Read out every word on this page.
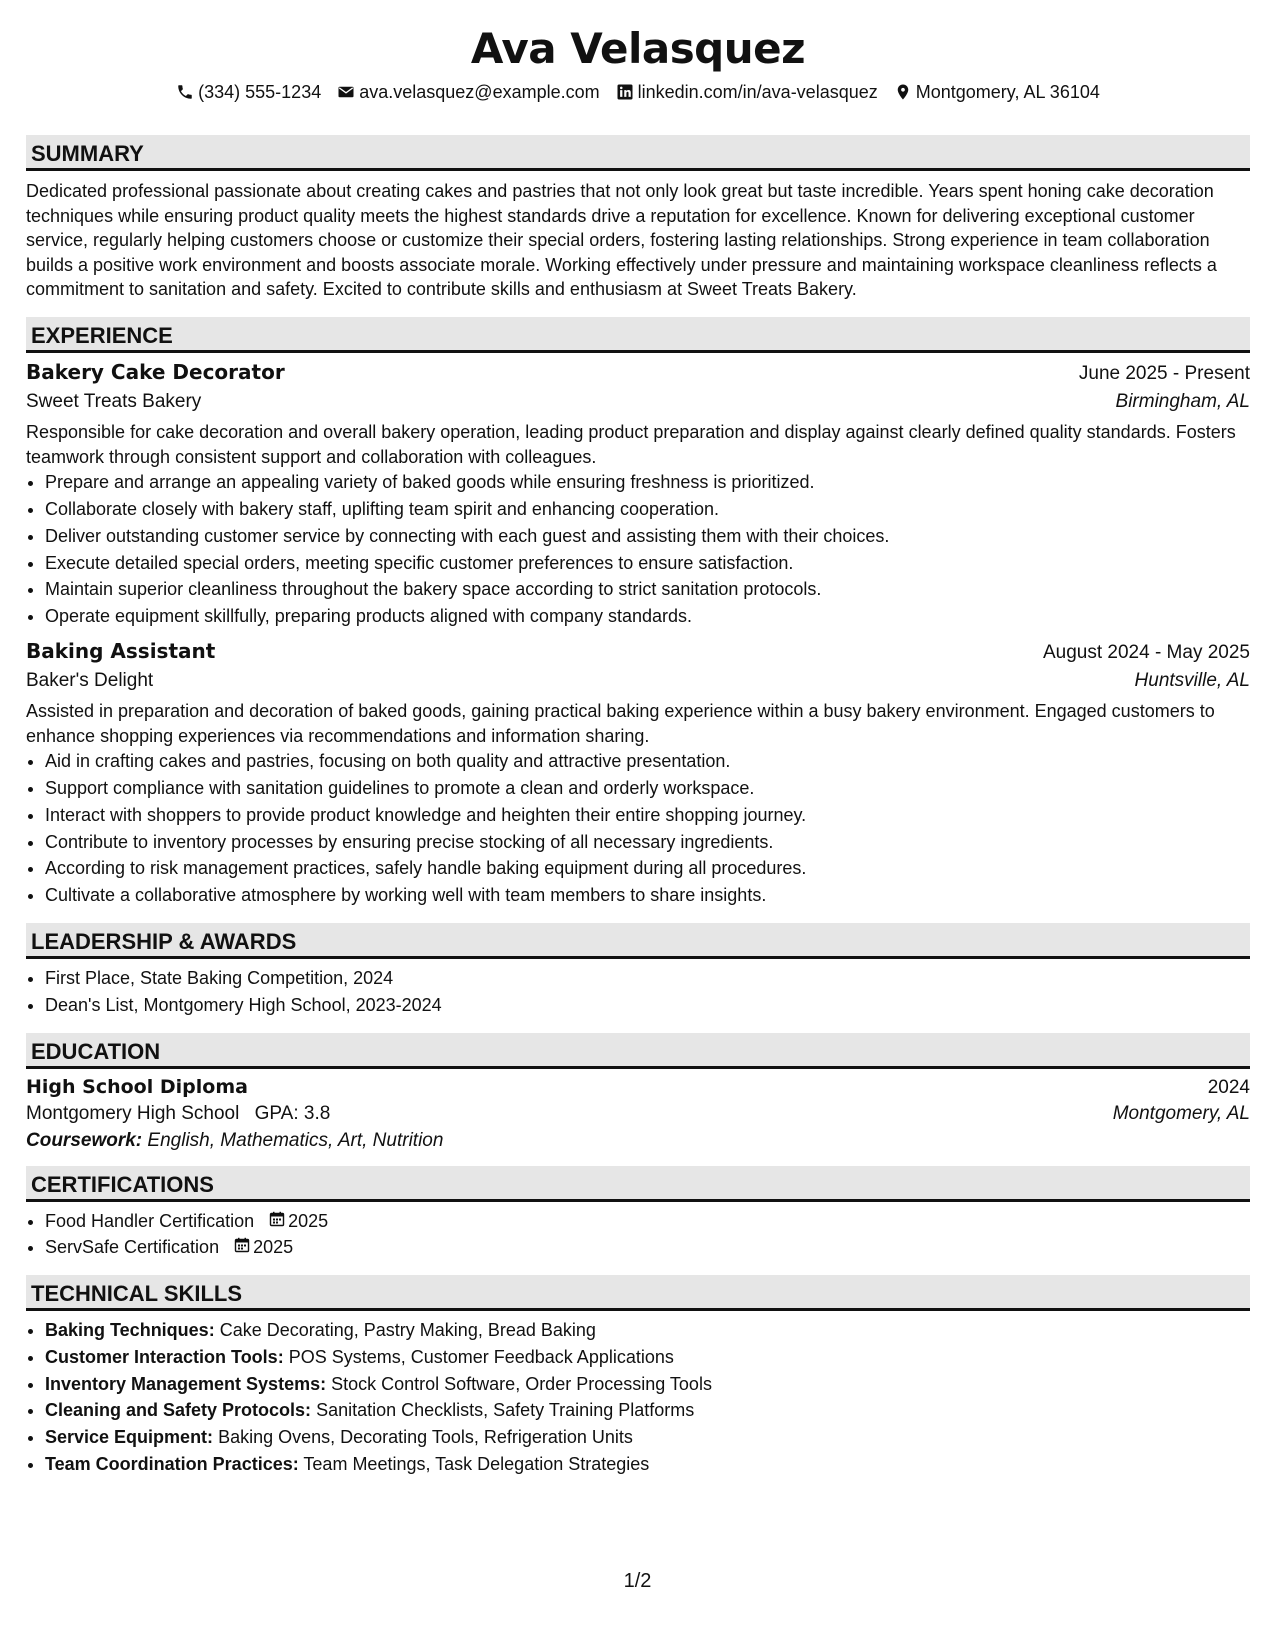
Ava Velasquez
(334) 555-1234 ava.velasquez@example.com linkedin.com/in/ava-velasquez Montgomery, AL 36104
SUMMARY

Dedicated professional passionate about creating cakes and pastries that not only look great but taste incredible. Years spent honing cake decoration techniques while ensuring product quality meets the highest standards drive a reputation for excellence. Known for delivering exceptional customer service, regularly helping customers choose or customize their special orders, fostering lasting relationships. Strong experience in team collaboration builds a positive work environment and boosts associate morale. Working effectively under pressure and maintaining workspace cleanliness reflects a commitment to sanitation and safety. Excited to contribute skills and enthusiasm at Sweet Treats Bakery.

EXPERIENCE
Bakery Cake Decorator	June 2025 - Present
Sweet Treats Bakery	Birmingham, AL

Responsible for cake decoration and overall bakery operation, leading product preparation and display against clearly defined quality standards. Fosters teamwork through consistent support and collaboration with colleagues.

• Prepare and arrange an appealing variety of baked goods while ensuring freshness is prioritized.
• Collaborate closely with bakery staff, uplifting team spirit and enhancing cooperation.
• Deliver outstanding customer service by connecting with each guest and assisting them with their choices.
• Execute detailed special orders, meeting specific customer preferences to ensure satisfaction.
• Maintain superior cleanliness throughout the bakery space according to strict sanitation protocols.
• Operate equipment skillfully, preparing products aligned with company standards.
Baking Assistant	August 2024 - May 2025
Baker's Delight	Huntsville, AL

Assisted in preparation and decoration of baked goods, gaining practical baking experience within a busy bakery environment. Engaged customers to enhance shopping experiences via recommendations and information sharing.

• Aid in crafting cakes and pastries, focusing on both quality and attractive presentation.
• Support compliance with sanitation guidelines to promote a clean and orderly workspace.
• Interact with shoppers to provide product knowledge and heighten their entire shopping journey.
• Contribute to inventory processes by ensuring precise stocking of all necessary ingredients.
• According to risk management practices, safely handle baking equipment during all procedures.
• Cultivate a collaborative atmosphere by working well with team members to share insights.
LEADERSHIP & AWARDS
• First Place, State Baking Competition, 2024
• Dean's List, Montgomery High School, 2023-2024
EDUCATION
High School Diploma	2024
Montgomery High School GPA: 3.8	Montgomery, AL
Coursework: English, Mathematics, Art, Nutrition
CERTIFICATIONS
• Food Handler Certification 2025
• ServSafe Certification 2025
TECHNICAL SKILLS
• Baking Techniques: Cake Decorating, Pastry Making, Bread Baking
• Customer Interaction Tools: POS Systems, Customer Feedback Applications
• Inventory Management Systems: Stock Control Software, Order Processing Tools
• Cleaning and Safety Protocols: Sanitation Checklists, Safety Training Platforms
• Service Equipment: Baking Ovens, Decorating Tools, Refrigeration Units
• Team Coordination Practices: Team Meetings, Task Delegation Strategies
1/2
